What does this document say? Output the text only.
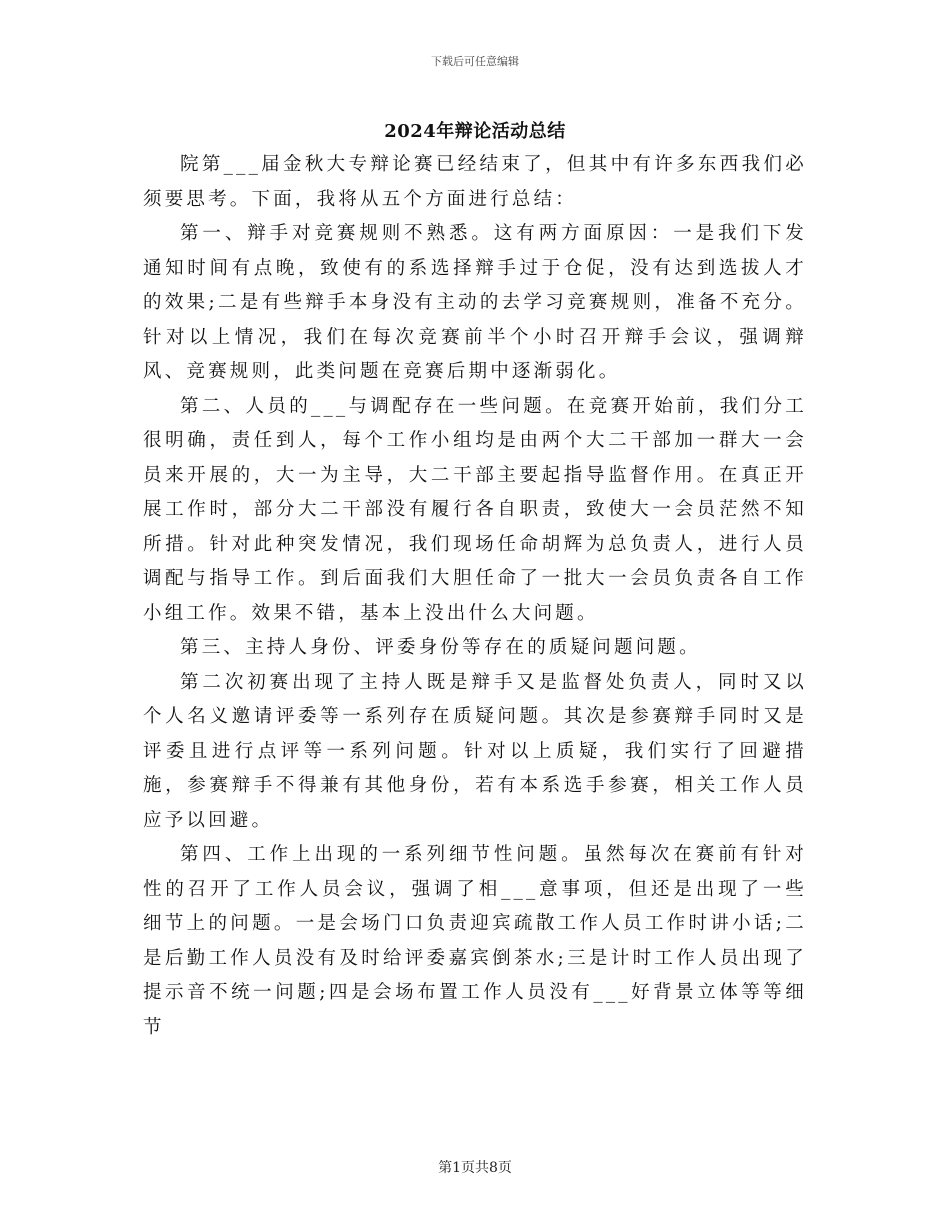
下载后可任意编辑
2024年辩论活动总结

院第___届金秋大专辩论赛已经结束了，但其中有许多东西我们必须要思考。下面，我将从五个方面进行总结：

第一、辩手对竞赛规则不熟悉。这有两方面原因：一是我们下发通知时间有点晚，致使有的系选择辩手过于仓促，没有达到选拔人才的效果;二是有些辩手本身没有主动的去学习竞赛规则，准备不充分。针对以上情况，我们在每次竞赛前半个小时召开辩手会议，强调辩风、竞赛规则，此类问题在竞赛后期中逐渐弱化。

第二、人员的___与调配存在一些问题。在竞赛开始前，我们分工很明确，责任到人，每个工作小组均是由两个大二干部加一群大一会员来开展的，大一为主导，大二干部主要起指导监督作用。在真正开展工作时，部分大二干部没有履行各自职责，致使大一会员茫然不知所措。针对此种突发情况，我们现场任命胡辉为总负责人，进行人员调配与指导工作。到后面我们大胆任命了一批大一会员负责各自工作小组工作。效果不错，基本上没出什么大问题。

第三、主持人身份、评委身份等存在的质疑问题问题。

第二次初赛出现了主持人既是辩手又是监督处负责人，同时又以个人名义邀请评委等一系列存在质疑问题。其次是参赛辩手同时又是评委且进行点评等一系列问题。针对以上质疑，我们实行了回避措施，参赛辩手不得兼有其他身份，若有本系选手参赛，相关工作人员应予以回避。

第四、工作上出现的一系列细节性问题。虽然每次在赛前有针对性的召开了工作人员会议，强调了相___意事项，但还是出现了一些细节上的问题。一是会场门口负责迎宾疏散工作人员工作时讲小话;二是后勤工作人员没有及时给评委嘉宾倒茶水;三是计时工作人员出现了提示音不统一问题;四是会场布置工作人员没有___好背景立体等等细节

第1页共8页
